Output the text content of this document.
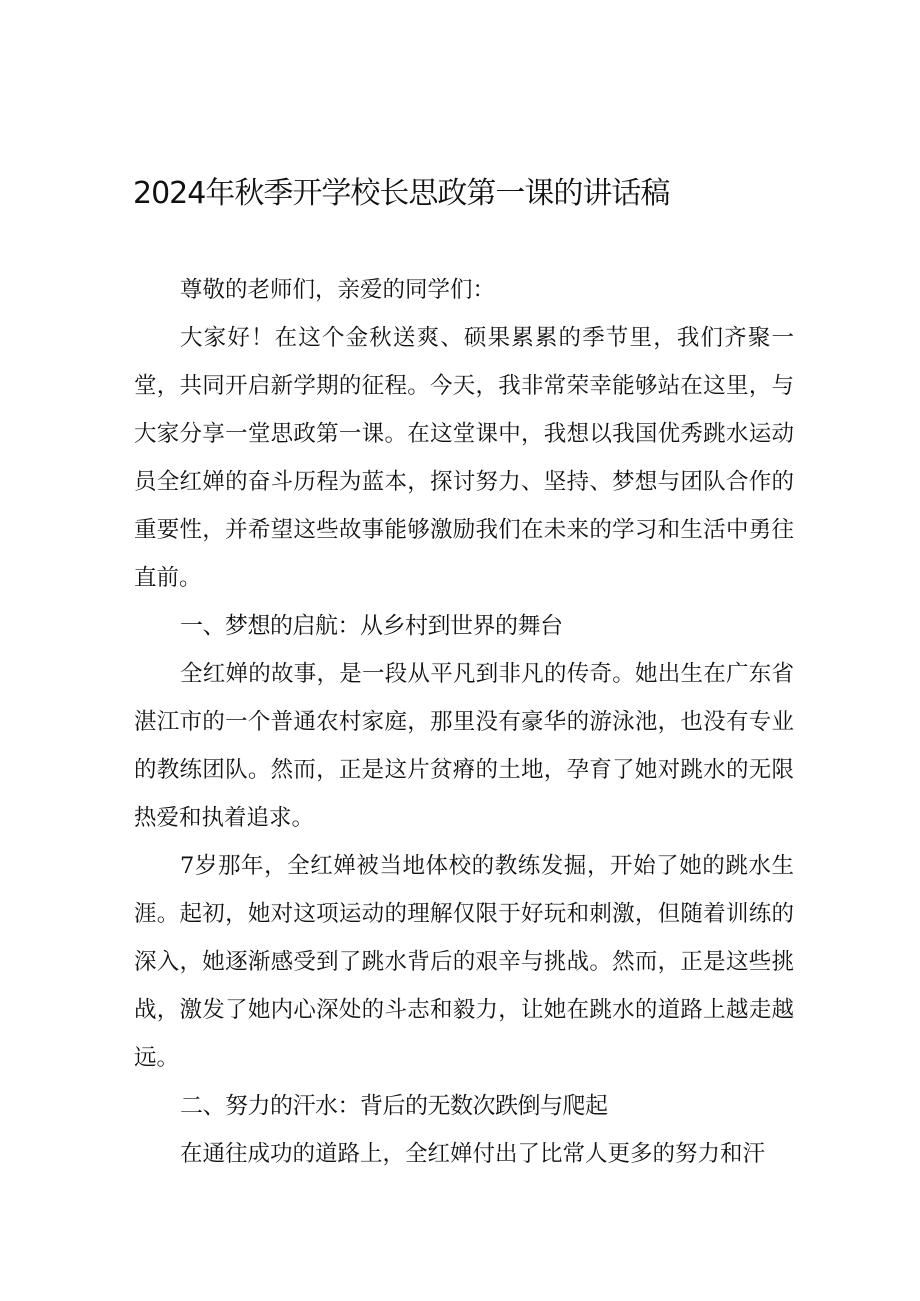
2024年秋季开学校长思政第一课的讲话稿

尊敬的老师们，亲爱的同学们：

大家好！在这个金秋送爽、硕果累累的季节里，我们齐聚一堂，共同开启新学期的征程。今天，我非常荣幸能够站在这里，与大家分享一堂思政第一课。在这堂课中，我想以我国优秀跳水运动员全红婵的奋斗历程为蓝本，探讨努力、坚持、梦想与团队合作的重要性，并希望这些故事能够激励我们在未来的学习和生活中勇往直前。

一、梦想的启航：从乡村到世界的舞台

全红婵的故事，是一段从平凡到非凡的传奇。她出生在广东省湛江市的一个普通农村家庭，那里没有豪华的游泳池，也没有专业的教练团队。然而，正是这片贫瘠的土地，孕育了她对跳水的无限热爱和执着追求。

7岁那年，全红婵被当地体校的教练发掘，开始了她的跳水生涯。起初，她对这项运动的理解仅限于好玩和刺激，但随着训练的深入，她逐渐感受到了跳水背后的艰辛与挑战。然而，正是这些挑战，激发了她内心深处的斗志和毅力，让她在跳水的道路上越走越远。

二、努力的汗水：背后的无数次跌倒与爬起

在通往成功的道路上，全红婵付出了比常人更多的努力和汗
